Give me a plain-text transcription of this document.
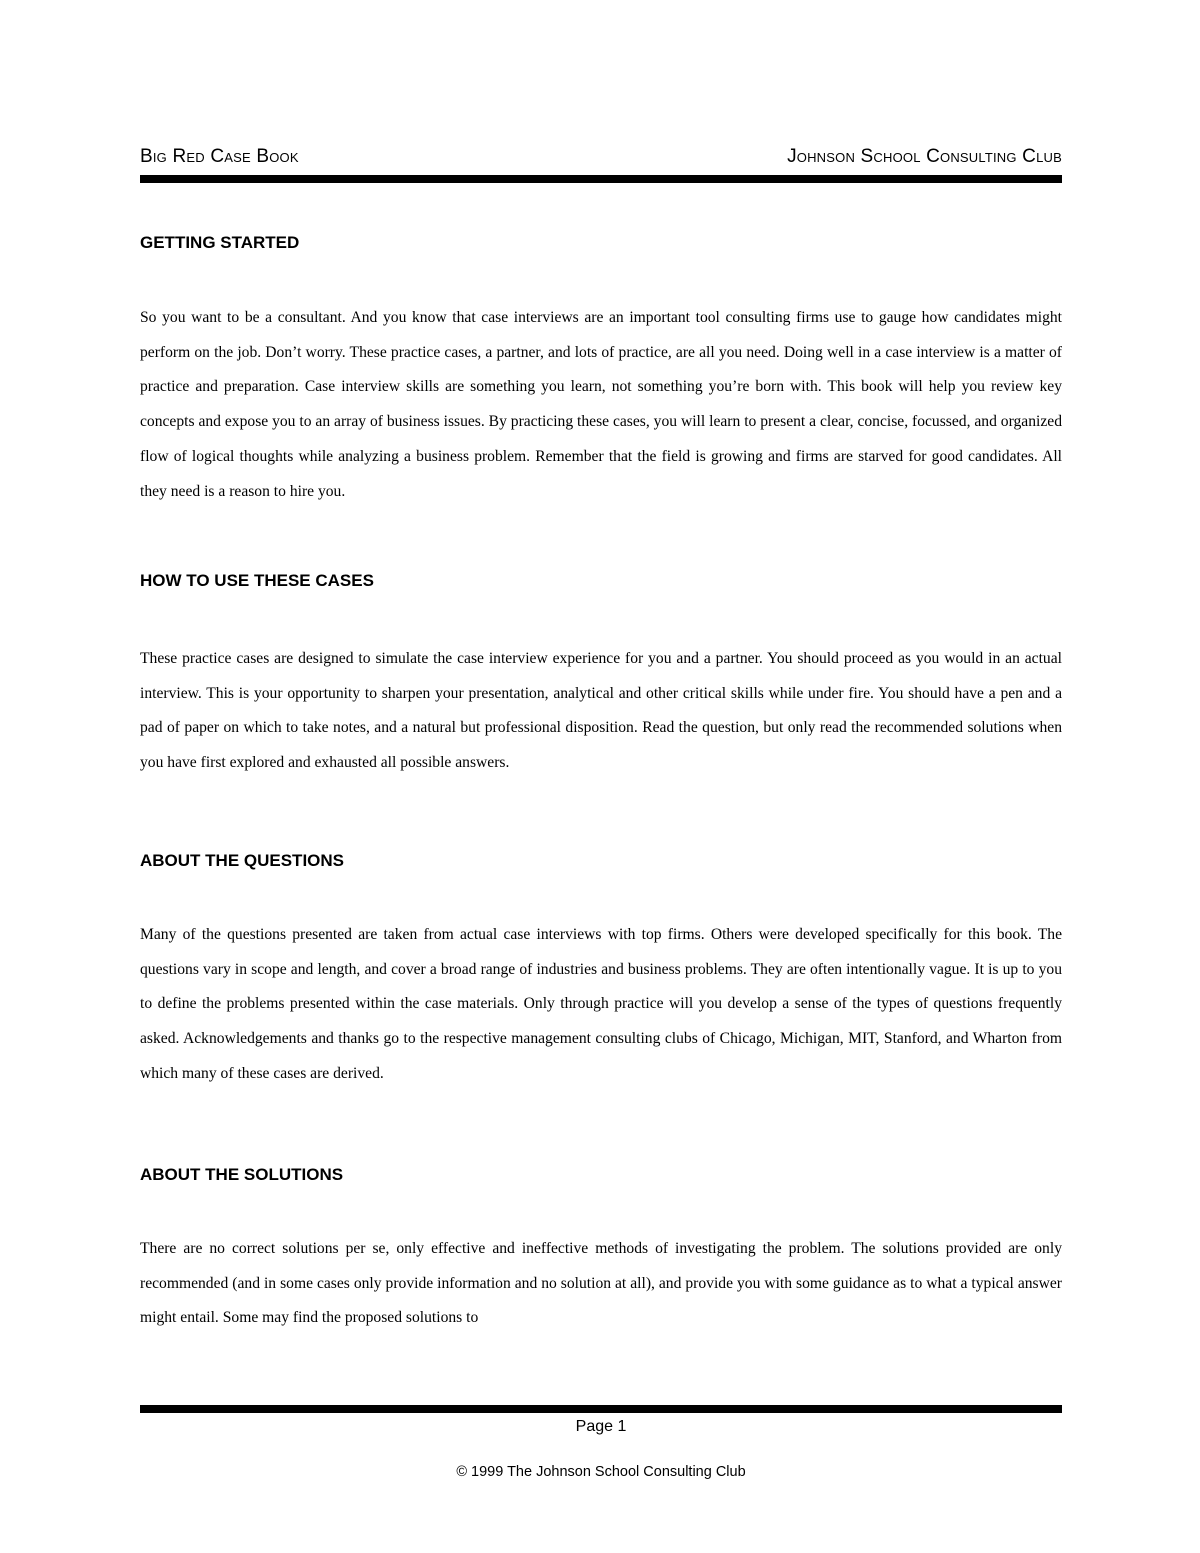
Big Red Case Book	Johnson School Consulting Club
GETTING STARTED

So you want to be a consultant. And you know that case interviews are an important tool consulting firms use to gauge how candidates might perform on the job. Don’t worry. These practice cases, a partner, and lots of practice, are all you need. Doing well in a case interview is a matter of practice and preparation. Case interview skills are something you learn, not something you’re born with. This book will help you review key concepts and expose you to an array of business issues. By practicing these cases, you will learn to present a clear, concise, focussed, and organized flow of logical thoughts while analyzing a business problem. Remember that the field is growing and firms are starved for good candidates. All they need is a reason to hire you.

HOW TO USE THESE CASES

These practice cases are designed to simulate the case interview experience for you and a partner. You should proceed as you would in an actual interview. This is your opportunity to sharpen your presentation, analytical and other critical skills while under fire. You should have a pen and a pad of paper on which to take notes, and a natural but professional disposition. Read the question, but only read the recommended solutions when you have first explored and exhausted all possible answers.

ABOUT THE QUESTIONS

Many of the questions presented are taken from actual case interviews with top firms. Others were developed specifically for this book. The questions vary in scope and length, and cover a broad range of industries and business problems. They are often intentionally vague. It is up to you to define the problems presented within the case materials. Only through practice will you develop a sense of the types of questions frequently asked. Acknowledgements and thanks go to the respective management consulting clubs of Chicago, Michigan, MIT, Stanford, and Wharton from which many of these cases are derived.

ABOUT THE SOLUTIONS

There are no correct solutions per se, only effective and ineffective methods of investigating the problem. The solutions provided are only recommended (and in some cases only provide information and no solution at all), and provide you with some guidance as to what a typical answer might entail. Some may find the proposed solutions to

Page 1
© 1999 The Johnson School Consulting Club
